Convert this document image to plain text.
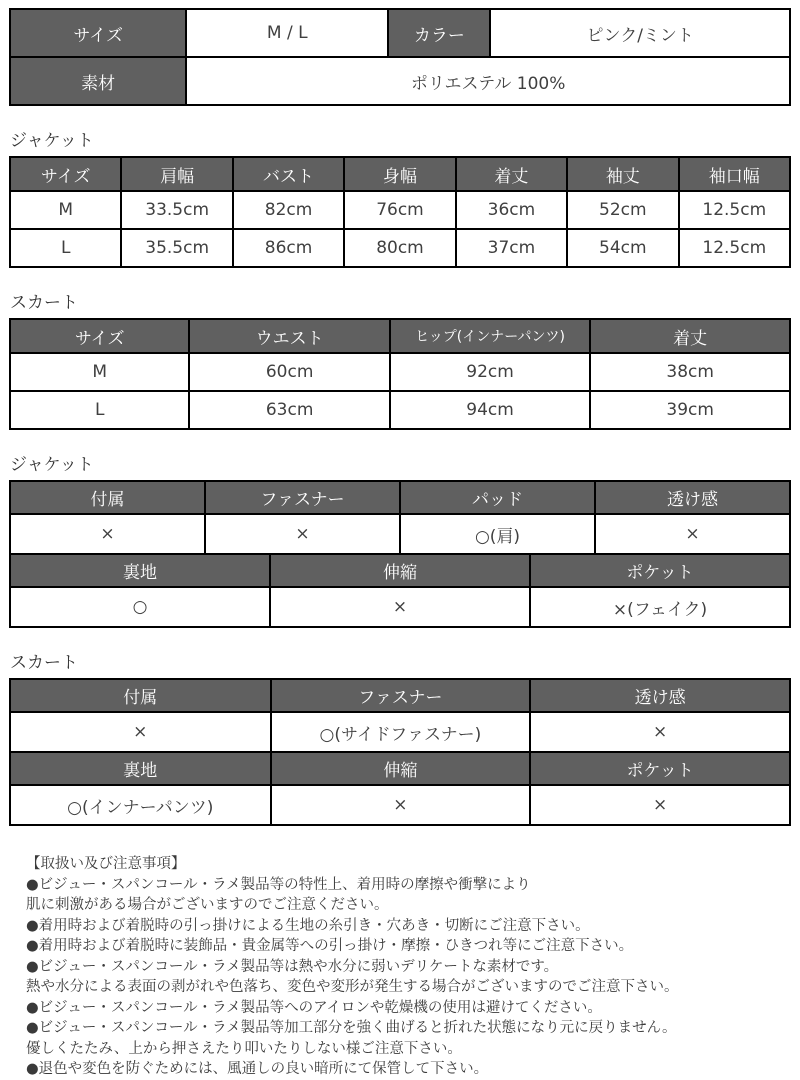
サイズ	M / L	カラー	ピンク/ミント
素材	ポリエステル 100%		
ジャケット
サイズ	肩幅	バスト	身幅	着丈	袖丈	袖口幅
M	33.5cm	82cm	76cm	36cm	52cm	12.5cm
L	35.5cm	86cm	80cm	37cm	54cm	12.5cm
スカート
サイズ	ウエスト	ヒップ(インナーパンツ)	着丈
M	60cm	92cm	38cm
L	63cm	94cm	39cm
ジャケット
付属	ファスナー		パッド		透け感
×	×		○(肩)		×
裏地		伸縮		ポケット	
○		×		×(フェイク)	
スカート
付属	ファスナー	透け感
×	○(サイドファスナー)	×
裏地	伸縮	ポケット
○(インナーパンツ)	×	×
【取扱い及び注意事項】
●ビジュー・スパンコール・ラメ製品等の特性上、着用時の摩擦や衝撃により
肌に刺激がある場合がございますのでご注意ください。
●着用時および着脱時の引っ掛けによる生地の糸引き・穴あき・切断にご注意下さい。
●着用時および着脱時に装飾品・貴金属等への引っ掛け・摩擦・ひきつれ等にご注意下さい。
●ビジュー・スパンコール・ラメ製品等は熱や水分に弱いデリケートな素材です。
熱や水分による表面の剥がれや色落ち、変色や変形が発生する場合がございますのでご注意下さい。
●ビジュー・スパンコール・ラメ製品等へのアイロンや乾燥機の使用は避けてください。
●ビジュー・スパンコール・ラメ製品等加工部分を強く曲げると折れた状態になり元に戻りません。
優しくたたみ、上から押さえたり叩いたりしない様ご注意下さい。
●退色や変色を防ぐためには、風通しの良い暗所にて保管して下さい。
